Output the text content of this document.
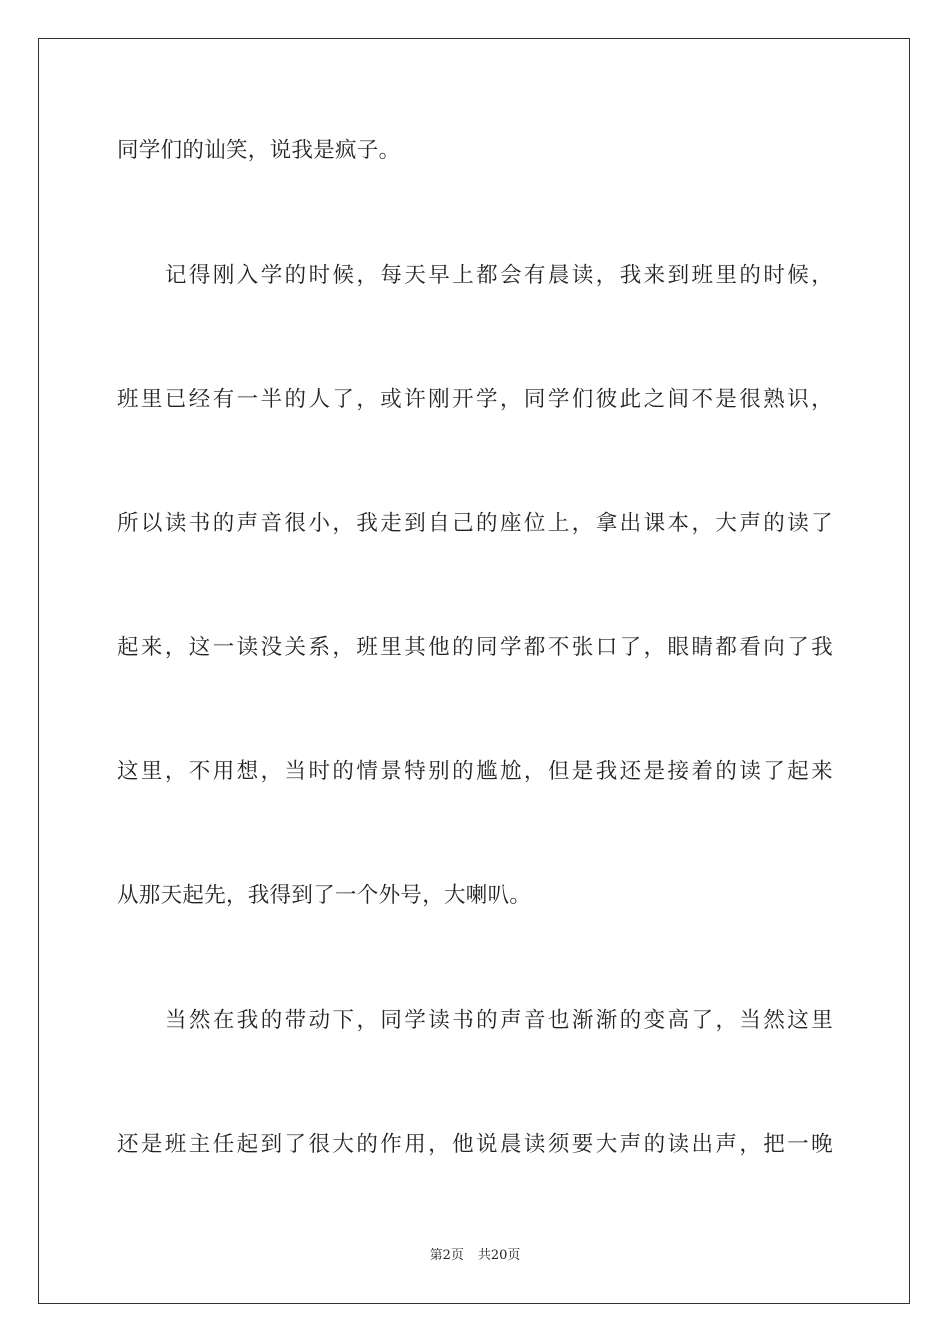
同学们的讪笑，说我是疯子。
记得刚入学的时候，每天早上都会有晨读，我来到班里的时候，
班里已经有一半的人了，或许刚开学，同学们彼此之间不是很熟识，
所以读书的声音很小，我走到自己的座位上，拿出课本，大声的读了
起来，这一读没关系，班里其他的同学都不张口了，眼睛都看向了我
这里，不用想，当时的情景特别的尴尬，但是我还是接着的读了起来
从那天起先，我得到了一个外号，大喇叭。
当然在我的带动下，同学读书的声音也渐渐的变高了，当然这里
还是班主任起到了很大的作用，他说晨读须要大声的读出声，把一晚
第2页 共20页
